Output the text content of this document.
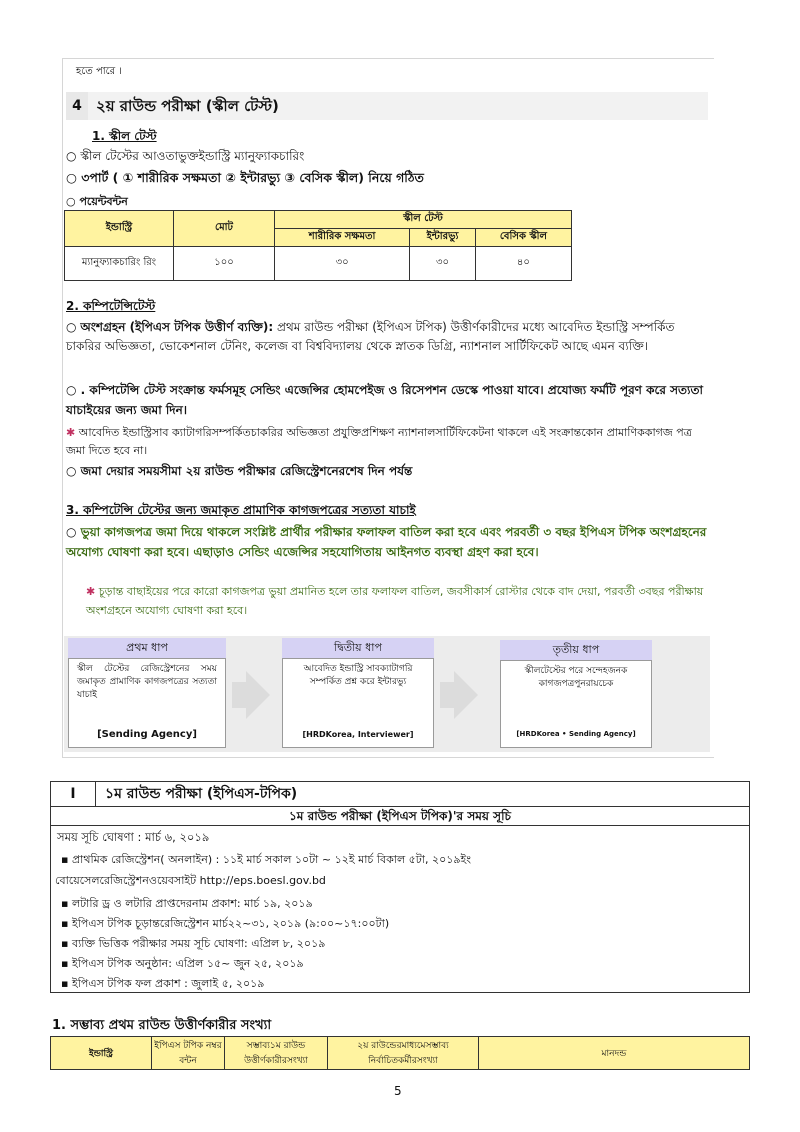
হতে পারে ।
4 ২য় রাউন্ড পরীক্ষা (স্কীল টেস্ট)
1. স্কীল টেস্ট
○ স্কীল টেস্টের আওতাভুক্তইন্ডাস্ট্রি ম্যানুফ্যাকচারিং
○ ৩পার্ট ( ① শারীরিক সক্ষমতা ② ইন্টারভ্যু ③ বেসিক স্কীল) নিয়ে গঠিত
○ পয়েন্টবন্টন
ইন্ডাস্ট্রি	মোট	স্কীল টেস্ট		
		শারীরিক সক্ষমতা	ইন্টারভ্যু	বেসিক স্কীল
ম্যানুফ্যাকচারিং রিং	১০০	৩০	৩০	৪০
2. কম্পিটেন্সিটেস্ট
○ অংশগ্রহন (ইপিএস টপিক উত্তীর্ণ ব্যক্তি): প্রথম রাউন্ড পরীক্ষা (ইপিএস টপিক) উত্তীর্ণকারীদের মধ্যে আবেদিত ইন্ডাস্ট্রি সম্পর্কিত চাকরির অভিজ্ঞতা, ভোকেশনাল টেনিং, কলেজ বা বিশ্ববিদ্যালয় থেকে স্নাতক ডিগ্রি, ন্যাশনাল সার্টিফিকেট আছে এমন ব্যক্তি।
○ . কম্পিটেন্সি টেস্ট সংক্রান্ত ফর্মসমূহ সেন্ডিং এজেন্সির হোমপেইজ ও রিসেপশন ডেস্কে পাওয়া যাবে। প্রযোজ্য ফর্মটি পূরণ করে সত্যতা যাচাইয়ের জন্য জমা দিন।
✱ আবেদিত ইন্ডাস্ট্রিসাব ক্যাটাগরিসম্পর্কিতচাকরির অভিজ্ঞতা প্রযুক্তিপ্রশিক্ষণ ন্যাশনালসার্টিফিকেটনা থাকলে এই সংক্রান্তকোন প্রামাণিককাগজ পত্র জমা দিতে হবে না।
○ জমা দেয়ার সময়সীমা ২য় রাউন্ড পরীক্ষার রেজিস্ট্রেশনেরশেষ দিন পর্যন্ত
3. কম্পিটেন্সি টেস্টের জন্য জমাকৃত প্রামাণিক কাগজপত্রের সত্যতা যাচাই
○ ভুয়া কাগজপত্র জমা দিয়ে থাকলে সংশ্লিষ্ট প্রার্থীর পরীক্ষার ফলাফল বাতিল করা হবে এবং পরবর্তী ৩ বছর ইপিএস টপিক অংশগ্রহনের অযোগ্য ঘোষণা করা হবে। এছাড়াও সেন্ডিং এজেন্সির সহযোগিতায় আইনগত ব্যবস্থা গ্রহণ করা হবে।
✱ চূড়ান্ত বাছাইয়ের পরে কারো কাগজপত্র ভুয়া প্রমানিত হলে তার ফলাফল বাতিল, জবসীকার্স রোস্টার থেকে বাদ দেয়া, পরবর্তী ৩বছর পরীক্ষায় অংশগ্রহনে অযোগ্য ঘোষণা করা হবে।
প্রথম ধাপ
স্কীল টেস্টের রেজিস্ট্রেশনের সময় জমাকৃত প্রামাণিক কাগজপত্রের সত্যতা যাচাই
[Sending Agency]
দ্বিতীয় ধাপ
আবেদিত ইন্ডাস্ট্রি সাবক্যাটাগরি সম্পর্কিত প্রশ্ন করে ইন্টারভ্যু
[HRDKorea, Interviewer]
তৃতীয় ধাপ
স্কীলটেস্টের পরে সন্দেহজনক কাগজপত্রপুনরায়চেক
[HRDKorea • Sending Agency]
I	১ম রাউন্ড পরীক্ষা (ইপিএস-টপিক)
১ম রাউন্ড পরীক্ষা (ইপিএস টপিক)'র সময় সূচি
সময় সূচি ঘোষণা : মার্চ ৬, ২০১৯
▪ প্রাথমিক রেজিস্ট্রেশন( অনলাইন) : ১১ই মার্চ সকাল ১০টা ~ ১২ই মার্চ বিকাল ৫টা, ২০১৯ইং
বোয়েসেলরেজিস্ট্রেশনওয়েবসাইট http://eps.boesl.gov.bd
▪ লটারি ড্র ও লটারি প্রাপ্তদেরনাম প্রকাশ: মার্চ ১৯, ২০১৯
▪ ইপিএস টপিক চূড়ান্তরেজিস্ট্রেশন মার্চ২২~৩১, ২০১৯ (৯:০০~১৭:০০টা)
▪ ব্যক্তি ভিত্তিক পরীক্ষার সময় সূচি ঘোষণা: এপ্রিল ৮, ২০১৯
▪ ইপিএস টপিক অনুষ্ঠান: এপ্রিল ১৫~ জুন ২৫, ২০১৯
▪ ইপিএস টপিক ফল প্রকাশ : জুলাই ৫, ২০১৯
1. সম্ভাব্য প্রথম রাউন্ড উত্তীর্ণকারীর সংখ্যা
ইন্ডাস্ট্রি	ইপিএস টপিক নম্বর বন্টন	সম্ভাব্য১ম রাউন্ড উত্তীর্ণকারীরসংখ্যা	২য় রাউন্ডেরমাধ্যমেসম্ভাব্য নির্বাচিতকর্মীরসংখ্যা	মানদন্ড
5
